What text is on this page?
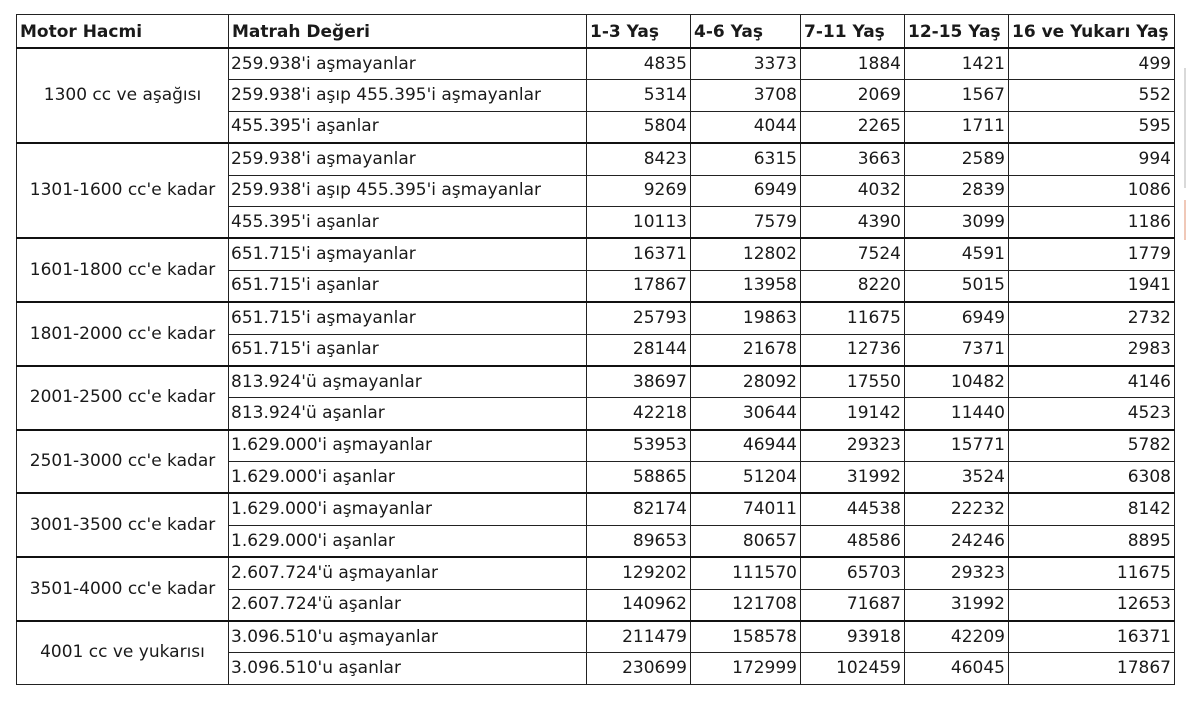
Motor Hacmi	Matrah Değeri	1-3 Yaş	4-6 Yaş	7-11 Yaş	12-15 Yaş	16 ve Yukarı Yaş
1300 cc ve aşağısı	259.938'i aşmayanlar	4835	3373	1884	1421	499
	259.938'i aşıp 455.395'i aşmayanlar	5314	3708	2069	1567	552
	455.395'i aşanlar	5804	4044	2265	1711	595
1301-1600 cc'e kadar	259.938'i aşmayanlar	8423	6315	3663	2589	994
	259.938'i aşıp 455.395'i aşmayanlar	9269	6949	4032	2839	1086
	455.395'i aşanlar	10113	7579	4390	3099	1186
1601-1800 cc'e kadar	651.715'i aşmayanlar	16371	12802	7524	4591	1779
	651.715'i aşanlar	17867	13958	8220	5015	1941
1801-2000 cc'e kadar	651.715'i aşmayanlar	25793	19863	11675	6949	2732
	651.715'i aşanlar	28144	21678	12736	7371	2983
2001-2500 cc'e kadar	813.924'ü aşmayanlar	38697	28092	17550	10482	4146
	813.924'ü aşanlar	42218	30644	19142	11440	4523
2501-3000 cc'e kadar	1.629.000'i aşmayanlar	53953	46944	29323	15771	5782
	1.629.000'i aşanlar	58865	51204	31992	3524	6308
3001-3500 cc'e kadar	1.629.000'i aşmayanlar	82174	74011	44538	22232	8142
	1.629.000'i aşanlar	89653	80657	48586	24246	8895
3501-4000 cc'e kadar	2.607.724'ü aşmayanlar	129202	111570	65703	29323	11675
	2.607.724'ü aşanlar	140962	121708	71687	31992	12653
4001 cc ve yukarısı	3.096.510'u aşmayanlar	211479	158578	93918	42209	16371
	3.096.510'u aşanlar	230699	172999	102459	46045	17867
